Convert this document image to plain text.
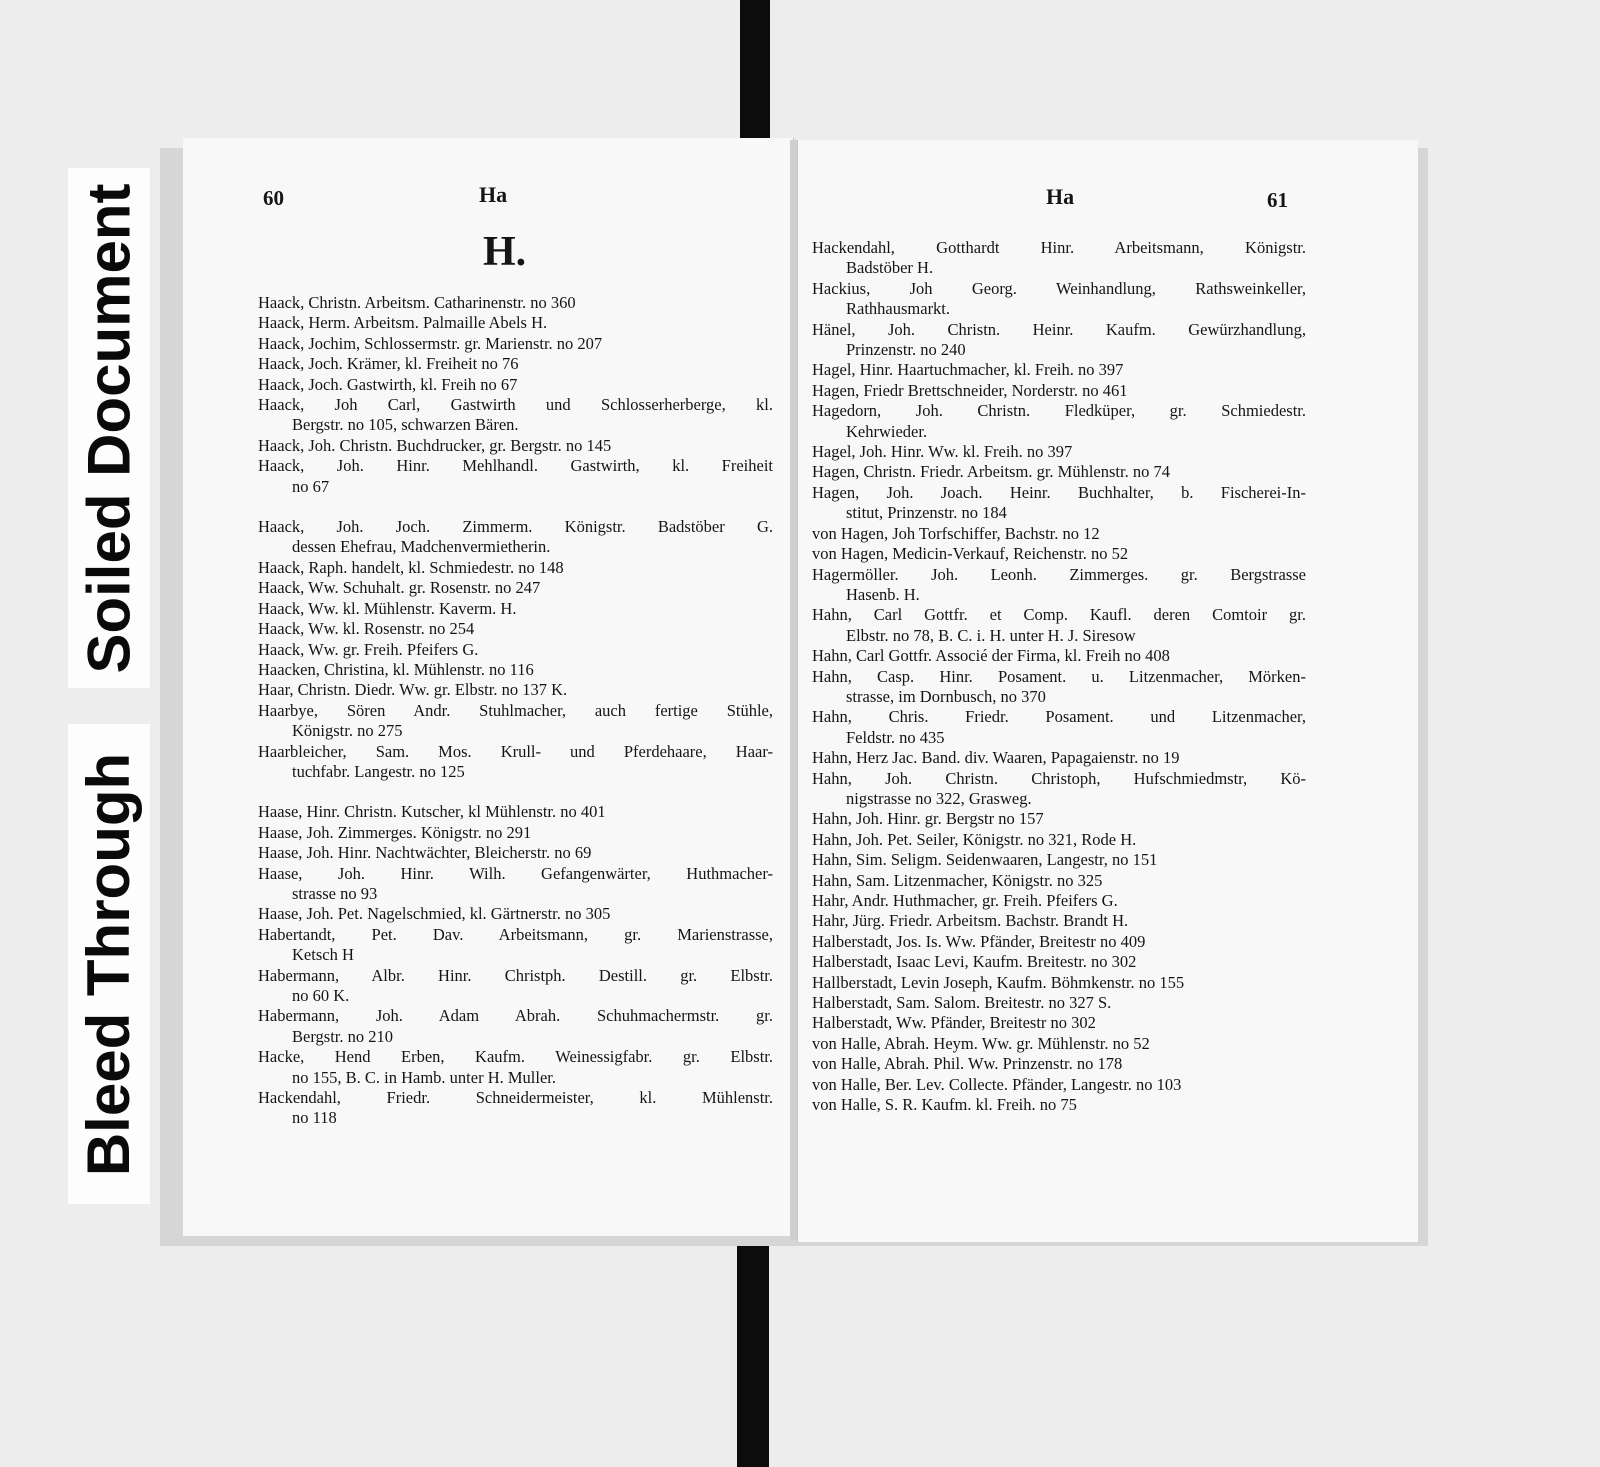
Soiled Document
Bleed Through
60	Ha
H.
Haack, Christn. Arbeitsm. Catharinenstr. no 360
Haack, Herm. Arbeitsm. Palmaille Abels H.
Haack, Jochim, Schlossermstr. gr. Marienstr. no 207
Haack, Joch. Krämer, kl. Freiheit no 76
Haack, Joch. Gastwirth, kl. Freih no 67
Haack, Joh Carl, Gastwirth und Schlosserherberge, kl.
Bergstr. no 105, schwarzen Bären.
Haack, Joh. Christn. Buchdrucker, gr. Bergstr. no 145
Haack, Joh. Hinr. Mehlhandl. Gastwirth, kl. Freiheit
no 67
Haack, Joh. Joch. Zimmerm. Königstr. Badstöber G.
dessen Ehefrau, Madchenvermietherin.
Haack, Raph. handelt, kl. Schmiedestr. no 148
Haack, Ww. Schuhalt. gr. Rosenstr. no 247
Haack, Ww. kl. Mühlenstr. Kaverm. H.
Haack, Ww. kl. Rosenstr. no 254
Haack, Ww. gr. Freih. Pfeifers G.
Haacken, Christina, kl. Mühlenstr. no 116
Haar, Christn. Diedr. Ww. gr. Elbstr. no 137 K.
Haarbye, Sören Andr. Stuhlmacher, auch fertige Stühle,
Königstr. no 275
Haarbleicher, Sam. Mos. Krull- und Pferdehaare, Haar-
tuchfabr. Langestr. no 125
Haase, Hinr. Christn. Kutscher, kl Mühlenstr. no 401
Haase, Joh. Zimmerges. Königstr. no 291
Haase, Joh. Hinr. Nachtwächter, Bleicherstr. no 69
Haase, Joh. Hinr. Wilh. Gefangenwärter, Huthmacher-
strasse no 93
Haase, Joh. Pet. Nagelschmied, kl. Gärtnerstr. no 305
Habertandt, Pet. Dav. Arbeitsmann, gr. Marienstrasse,
Ketsch H
Habermann, Albr. Hinr. Christph. Destill. gr. Elbstr.
no 60 K.
Habermann, Joh. Adam Abrah. Schuhmachermstr. gr.
Bergstr. no 210
Hacke, Hend Erben, Kaufm. Weinessigfabr. gr. Elbstr.
no 155, B. C. in Hamb. unter H. Muller.
Hackendahl, Friedr. Schneidermeister, kl. Mühlenstr.
no 118
Ha	61
Hackendahl, Gotthardt Hinr. Arbeitsmann, Königstr.
Badstöber H.
Hackius, Joh Georg. Weinhandlung, Rathsweinkeller,
Rathhausmarkt.
Hänel, Joh. Christn. Heinr. Kaufm. Gewürzhandlung,
Prinzenstr. no 240
Hagel, Hinr. Haartuchmacher, kl. Freih. no 397
Hagen, Friedr Brettschneider, Norderstr. no 461
Hagedorn, Joh. Christn. Fledküper, gr. Schmiedestr.
Kehrwieder.
Hagel, Joh. Hinr. Ww. kl. Freih. no 397
Hagen, Christn. Friedr. Arbeitsm. gr. Mühlenstr. no 74
Hagen, Joh. Joach. Heinr. Buchhalter, b. Fischerei-In-
stitut, Prinzenstr. no 184
von Hagen, Joh Torfschiffer, Bachstr. no 12
von Hagen, Medicin-Verkauf, Reichenstr. no 52
Hagermöller. Joh. Leonh. Zimmerges. gr. Bergstrasse
Hasenb. H.
Hahn, Carl Gottfr. et Comp. Kaufl. deren Comtoir gr.
Elbstr. no 78, B. C. i. H. unter H. J. Siresow
Hahn, Carl Gottfr. Associé der Firma, kl. Freih no 408
Hahn, Casp. Hinr. Posament. u. Litzenmacher, Mörken-
strasse, im Dornbusch, no 370
Hahn, Chris. Friedr. Posament. und Litzenmacher,
Feldstr. no 435
Hahn, Herz Jac. Band. div. Waaren, Papagaienstr. no 19
Hahn, Joh. Christn. Christoph, Hufschmiedmstr, Kö-
nigstrasse no 322, Grasweg.
Hahn, Joh. Hinr. gr. Bergstr no 157
Hahn, Joh. Pet. Seiler, Königstr. no 321, Rode H.
Hahn, Sim. Seligm. Seidenwaaren, Langestr, no 151
Hahn, Sam. Litzenmacher, Königstr. no 325
Hahr, Andr. Huthmacher, gr. Freih. Pfeifers G.
Hahr, Jürg. Friedr. Arbeitsm. Bachstr. Brandt H.
Halberstadt, Jos. Is. Ww. Pfänder, Breitestr no 409
Halberstadt, Isaac Levi, Kaufm. Breitestr. no 302
Hallberstadt, Levin Joseph, Kaufm. Böhmkenstr. no 155
Halberstadt, Sam. Salom. Breitestr. no 327 S.
Halberstadt, Ww. Pfänder, Breitestr no 302
von Halle, Abrah. Heym. Ww. gr. Mühlenstr. no 52
von Halle, Abrah. Phil. Ww. Prinzenstr. no 178
von Halle, Ber. Lev. Collecte. Pfänder, Langestr. no 103
von Halle, S. R. Kaufm. kl. Freih. no 75
